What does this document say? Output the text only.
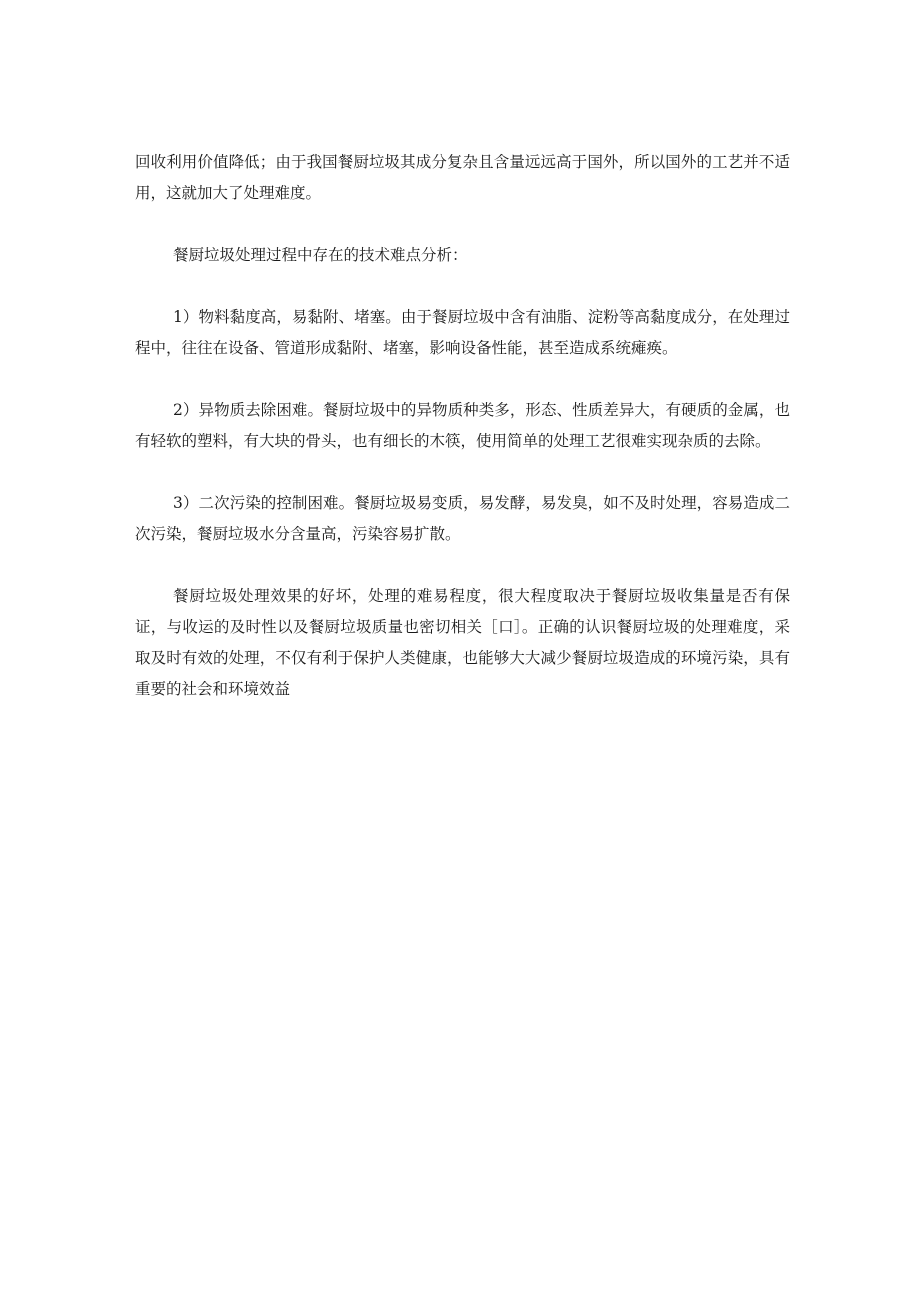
回收利用价值降低；由于我国餐厨垃圾其成分复杂且含量远远高于国外，所以国外的工艺并不适用，这就加大了处理难度。

餐厨垃圾处理过程中存在的技术难点分析：

1）物料黏度高，易黏附、堵塞。由于餐厨垃圾中含有油脂、淀粉等高黏度成分，在处理过程中，往往在设备、管道形成黏附、堵塞，影响设备性能，甚至造成系统瘫痪。

2）异物质去除困难。餐厨垃圾中的异物质种类多，形态、性质差异大，有硬质的金属，也有轻软的塑料，有大块的骨头，也有细长的木筷，使用简单的处理工艺很难实现杂质的去除。

3）二次污染的控制困难。餐厨垃圾易变质，易发酵，易发臭，如不及时处理，容易造成二次污染，餐厨垃圾水分含量高，污染容易扩散。

餐厨垃圾处理效果的好坏，处理的难易程度，很大程度取决于餐厨垃圾收集量是否有保证，与收运的及时性以及餐厨垃圾质量也密切相关［口］。正确的认识餐厨垃圾的处理难度，采取及时有效的处理，不仅有利于保护人类健康，也能够大大减少餐厨垃圾造成的环境污染，具有重要的社会和环境效益
